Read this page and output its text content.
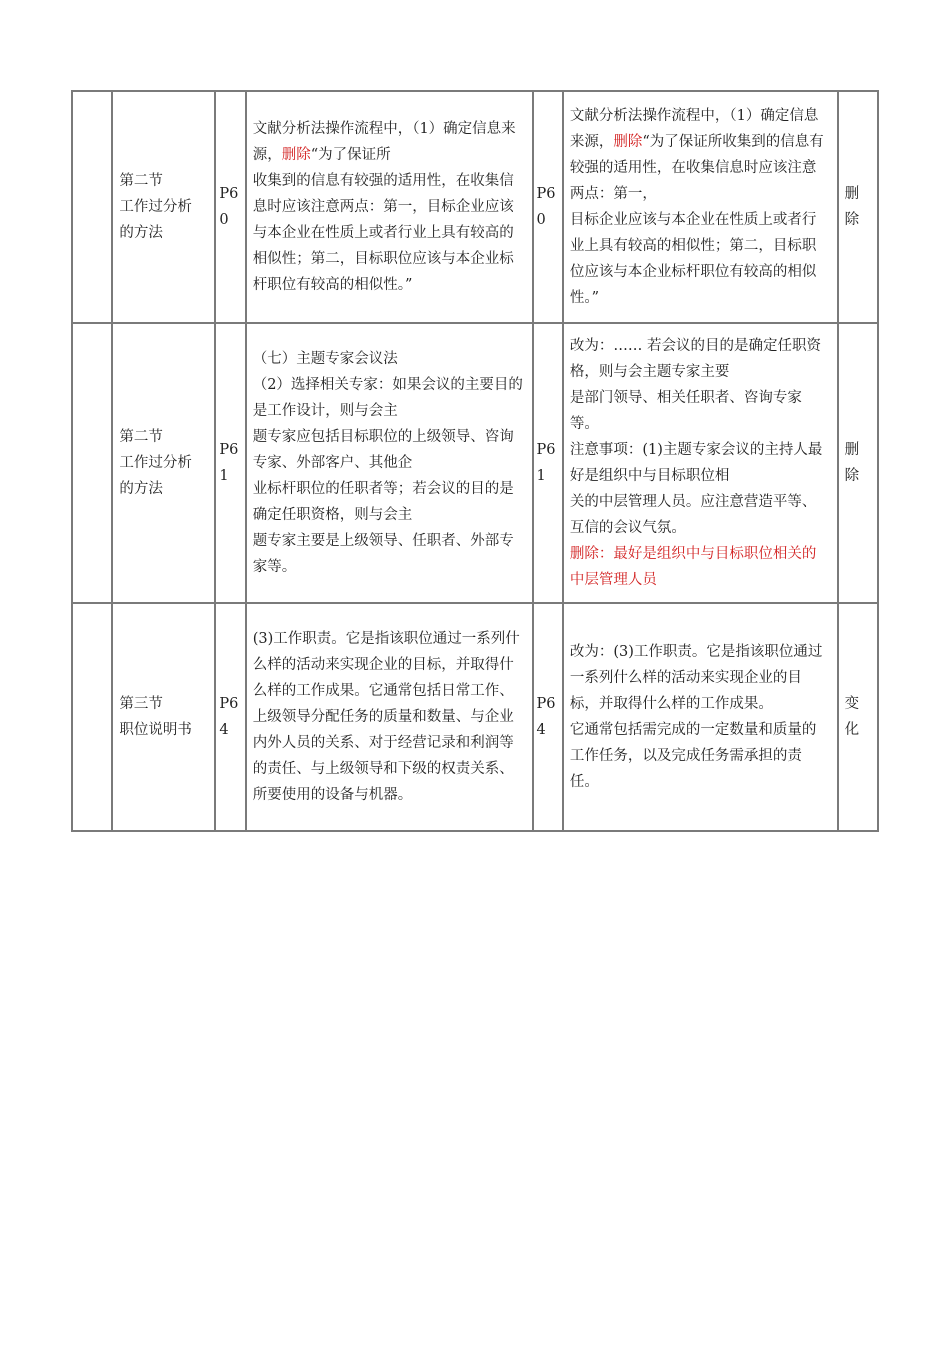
	第二节
工作过分析
的方法	P60	文献分析法操作流程中，（1）确定信息来源，删除“为了保证所
收集到的信息有较强的适用性，在收集信息时应该注意两点：第一，目标企业应该与本企业在性质上或者行业上具有较高的相似性；第二，目标职位应该与本企业标杆职位有较高的相似性。”	P60	文献分析法操作流程中，（1）确定信息来源，删除“为了保证所收集到的信息有较强的适用性，在收集信息时应该注意两点：第一，
目标企业应该与本企业在性质上或者行业上具有较高的相似性；第二，目标职位应该与本企业标杆职位有较高的相似性。”	删除

	第二节
工作过分析
的方法	P61	（七）主题专家会议法
（2）选择相关专家：如果会议的主要目的是工作设计，则与会主
题专家应包括目标职位的上级领导、咨询专家、外部客户、其他企
业标杆职位的任职者等；若会议的目的是确定任职资格，则与会主
题专家主要是上级领导、任职者、外部专家等。	P61	改为：…… 若会议的目的是确定任职资格，则与会主题专家主要
是部门领导、相关任职者、咨询专家等。
注意事项：(1)主题专家会议的主持人最好是组织中与目标职位相
关的中层管理人员。应注意营造平等、互信的会议气氛。
删除：最好是组织中与目标职位相关的中层管理人员	删除

	第三节
职位说明书	P64	(3)工作职责。它是指该职位通过一系列什么样的活动来实现企业的目标，并取得什么样的工作成果。它通常包括日常工作、上级领导分配任务的质量和数量、与企业内外人员的关系、对于经营记录和利润等的责任、与上级领导和下级的权责关系、所要使用的设备与机器。	P64	改为：(3)工作职责。它是指该职位通过一系列什么样的活动来实现企业的目标，并取得什么样的工作成果。
它通常包括需完成的一定数量和质量的工作任务，以及完成任务需承担的责任。	变化
